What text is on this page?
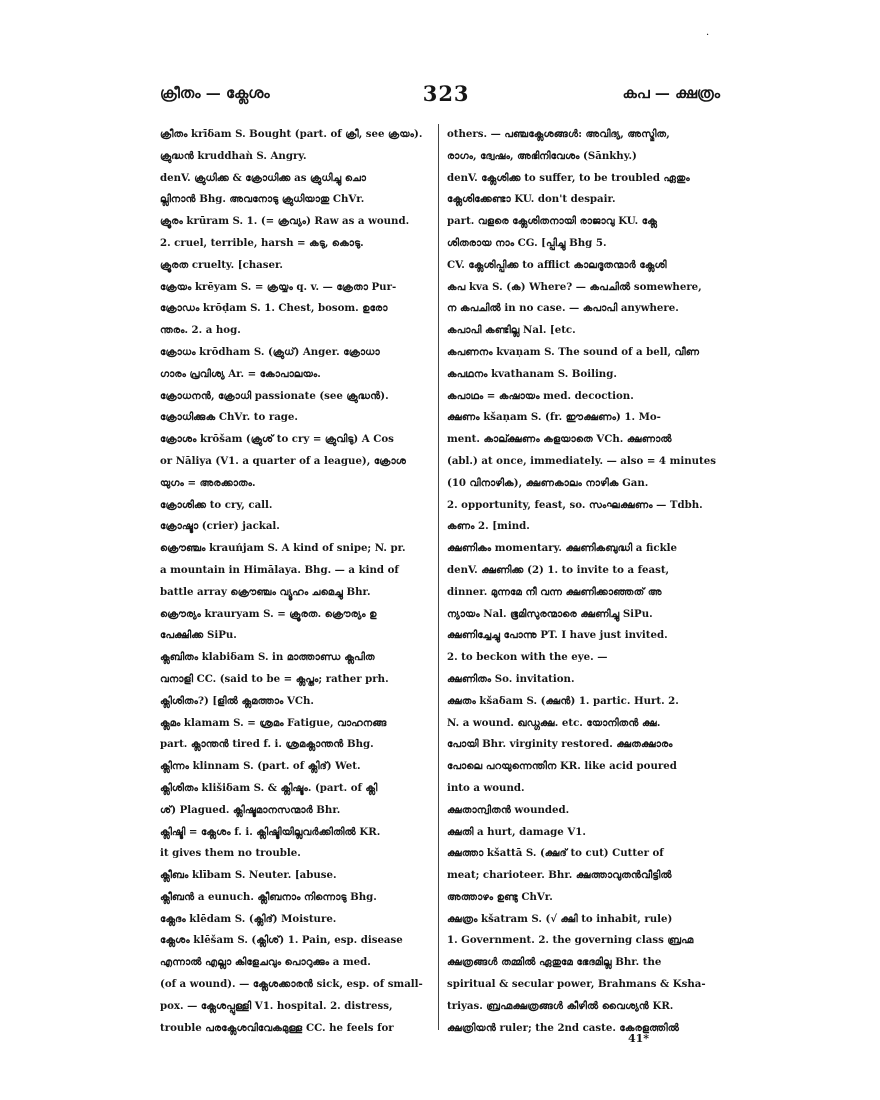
·
ക്രീതം — ക്ലേശം	323	കപ — ക്ഷത്രം
ക്രീതം krīδam S. Bought (part. of ക്രീ, see ക്രയം).
ക്രുദ്ധൻ kruddhaǹ S. Angry.
denV. ക്രുധിക്ക & ക്രോധിക്ക as ക്രുധിച്ചു ചൊ
ല്ലിനാൻ Bhg. അവനോടു ക്രുധിയാതു ChVr.
ക്രൂരം krūram S. 1. (= ക്രവ്യം) Raw as a wound.
2. cruel, terrible, harsh = കടു, കൊടു.
ക്രൂരത cruelty. [chaser.
ക്രേയം krēyam S. = ക്രയ്യം q. v. — ക്രേതാ Pur-
ക്രോഡം krōḍam S. 1. Chest, bosom. ഉരോ
ന്തരം. 2. a hog.
ക്രോധം krōdham S. (ക്രുധ്) Anger. ക്രോധാ
ഗാരം പ്രവിശ്യ Ar. = കോപാലയം.
ക്രോധനൻ, ക്രോധി passionate (see ക്രുദ്ധൻ).
ക്രോധിക്കുക ChVr. to rage.
ക്രോശം krōšam (ക്രുശ് to cry = ക്രുവിടു) A Cos
or Nāliya (V1. a quarter of a league), ക്രോശ
യുഗം = അരക്കാതം.
ക്രോശിക്ക to cry, call.
ക്രോഷ്ടാ (crier) jackal.
ക്രൌഞ്ചം krauńjam S. A kind of snipe; N. pr.
a mountain in Himālaya. Bhg. — a kind of
battle array ക്രൌഞ്ചം വ്യൂഹം ചമെച്ചു Bhr.
ക്രൌര്യം krauryam S. = ക്രൂരത. ക്രൌര്യം ഉ
പേക്ഷിക്ക SiPu.
ക്ലബിതം klabiδam S. in മാത്താണ്ഡ ക്ലപിത
വനാളി CC. (said to be = ക്ലപ്തം; rather prh.
ക്ലിശിതം?) [ളിൽ ക്ലമത്താം VCh.
ക്ലമം klamam S. = ശ്രമം Fatigue, വാഹനങ്ങ
part. ക്ലാന്തൻ tired f. i. ശ്രമക്ലാന്തൻ Bhg.
ക്ലിന്നം klinnam S. (part. of ക്ലിദ്) Wet.
ക്ലിശിതം klišiδam S. & ക്ലിഷ്ടം. (part. of ക്ലി
ശ്) Plagued. ക്ലിഷ്ടമാനസന്മാർ Bhr.
ക്ലിഷ്ടി = ക്ലേശം f. i. ക്ലിഷ്ടിയില്ലവർക്കിതിൽ KR.
it gives them no trouble.
ക്ലീബം klībam S. Neuter. [abuse.
ക്ലീബൻ a eunuch. ക്ലീബനാം നിന്നൊടു Bhg.
ക്ലേദം klēdam S. (ക്ലിദ്) Moisture.
ക്ലേശം klēšam S. (ക്ലിശ്) 1. Pain, esp. disease
എന്നാൽ എല്ലാ കിളേചവും പൊറുക്കും a med.
(of a wound). — ക്ലേശക്കാരൻ sick, esp. of small-
pox. — ക്ലേശപ്പുള്ളി V1. hospital. 2. distress,
trouble പരക്ലേശവിവേകമുള്ള CC. he feels for
others. — പഞ്ചക്ലേശങ്ങൾ: അവിദ്യ, അസ്മിത,
രാഗം, ദ്വേഷം, അഭിനിവേശം (Sānkhy.)
denV. ക്ലേശിക്ക to suffer, to be troubled ഏതും
ക്ലേശിക്കേണ്ടാ KU. don't despair.
part. വളരെ ക്ലേശിതനായി രാജാവു KU. ക്ലേ
ശിതരായ നാം CG. [പ്പിച്ചു Bhg 5.
CV. ക്ലേശിപ്പിക്ക to afflict കാലദൂതന്മാർ ക്ലേശി
കപ kva S. (ക) Where? — കപചിൽ somewhere,
ന കപചിൽ in no case. — കപാപി anywhere.
കപാപി കണ്ടില്ല Nal. [etc.
കപണനം kvaṇam S. The sound of a bell, വീണ
കപഥനം kvathanam S. Boiling.
കപാഥം = കഷായം med. decoction.
ക്ഷണം kšaṇam S. (fr. ഈക്ഷണം) 1. Mo-
ment. കാല്ക്ഷണം കളയാതെ VCh. ക്ഷണാൽ
(abl.) at once, immediately. — also = 4 minutes
(10 വിനാഴിക), ക്ഷണകാലം നാഴിക Gan.
2. opportunity, feast, so. സംഘക്ഷണം — Tdbh.
കണം 2. [mind.
ക്ഷണികം momentary. ക്ഷണികബുദ്ധി a fickle
denV. ക്ഷണിക്ക (2) 1. to invite to a feast,
dinner. മുന്നമേ നീ വന്ന ക്ഷണിക്കാഞ്ഞത് അ
ന്യായം Nal. ഭൂമിസുരന്മാരെ ക്ഷണിച്ചു SiPu.
ക്ഷണിച്ചേച്ചു പോന്നു PT. I have just invited.
2. to beckon with the eye. —
ക്ഷണിതം So. invitation.
ക്ഷതം kšaδam S. (ക്ഷൻ) 1. partic. Hurt. 2.
N. a wound. ഖഡ്ഗക്ഷ. etc. യോനിതൻ ക്ഷ.
പോയി Bhr. virginity restored. ക്ഷതക്ഷാരം
പോലെ പറയുന്നെന്തിന KR. like acid poured
into a wound.
ക്ഷതാന്വിതൻ wounded.
ക്ഷതി a hurt, damage V1.
ക്ഷത്താ kšattā S. (ക്ഷദ് to cut) Cutter of
meat; charioteer. Bhr. ക്ഷത്താവുതൻവീട്ടിൽ
അത്താഴം ഉണ്ടു ChVr.
ക്ഷത്രം kšatram S. (√ ക്ഷി to inhabit, rule)
1. Government. 2. the governing class ബ്രഹ്മ
ക്ഷത്രങ്ങൾ തമ്മിൽ ഏതുമേ ഭേദമില്ല Bhr. the
spiritual & secular power, Brahmans & Ksha-
triyas. ബ്രഹ്മക്ഷത്രങ്ങൾ കീഴിൽ വൈശ്യൻ KR.
ക്ഷത്രിയൻ ruler; the 2nd caste. കേരളത്തിൽ
41*
